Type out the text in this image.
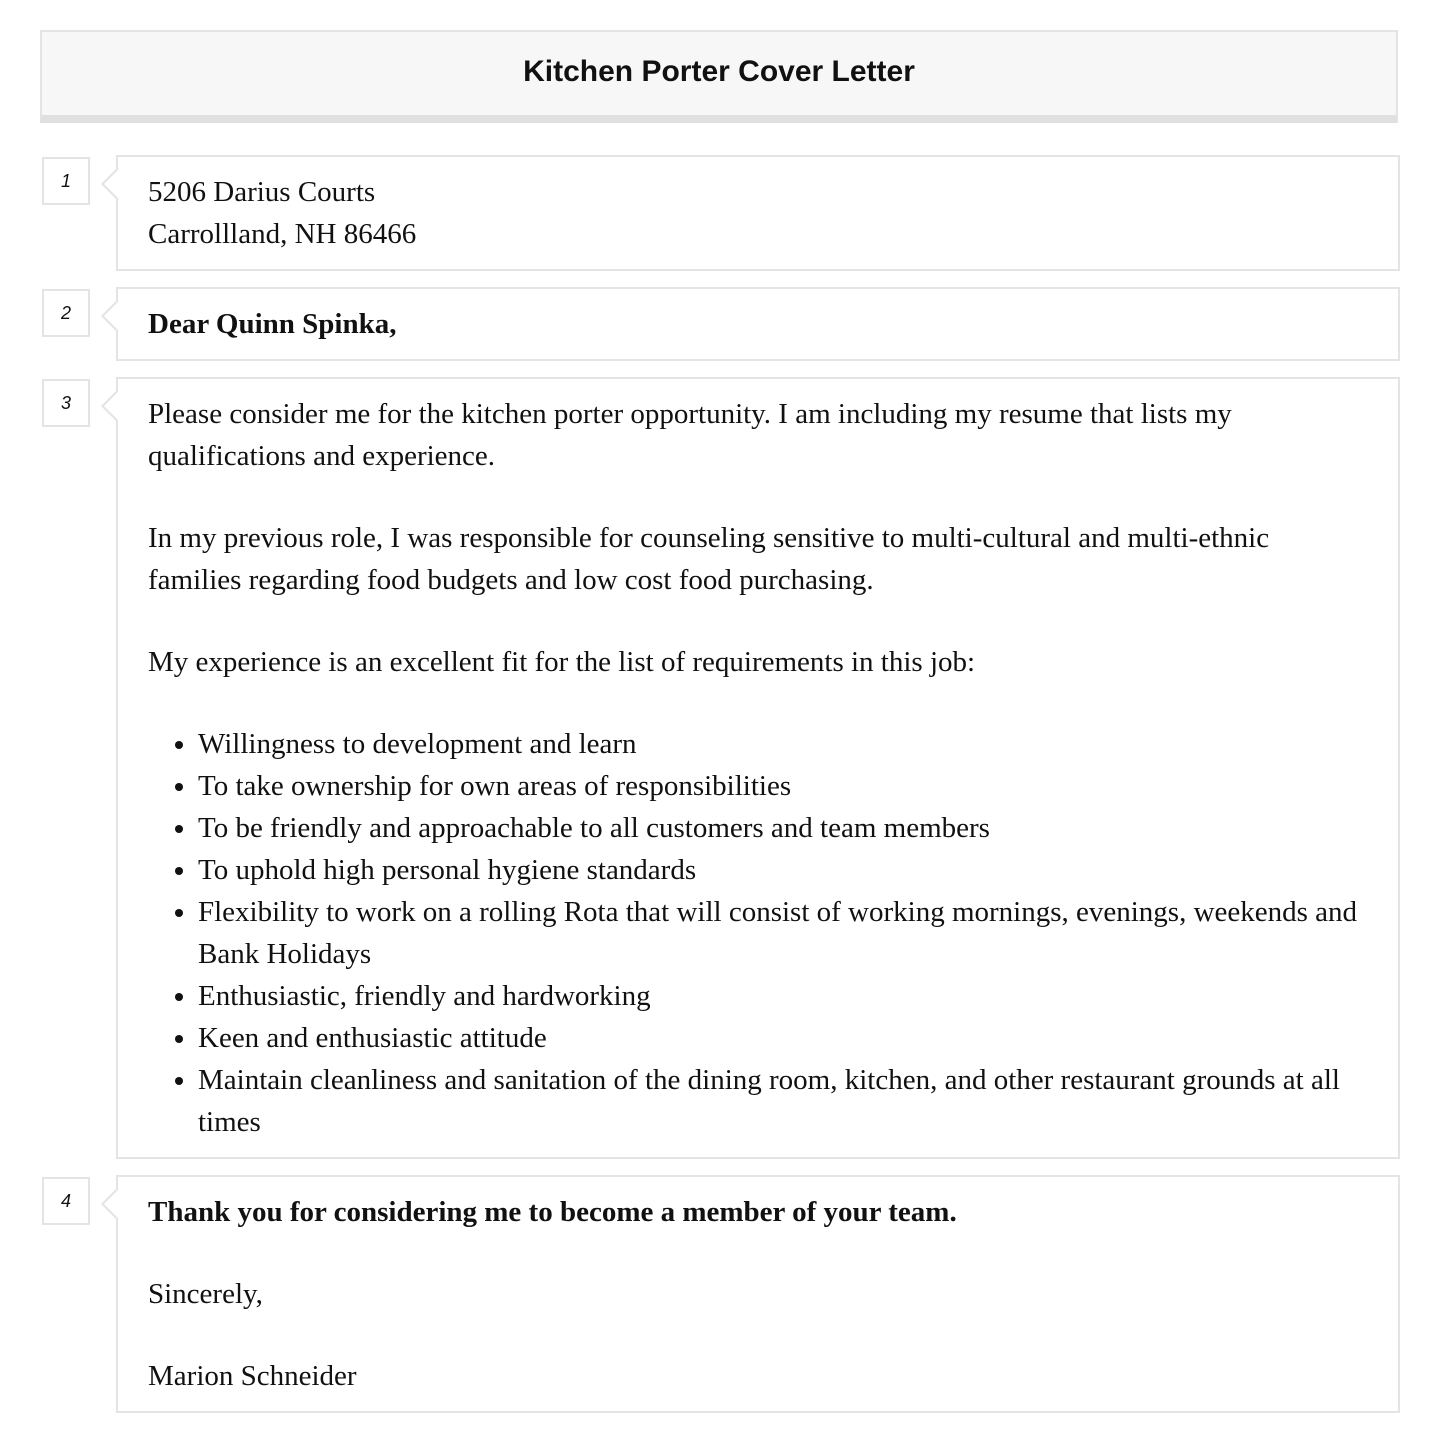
Kitchen Porter Cover Letter
1	5206 Darius Courts
Carrollland, NH 86466
2	Dear Quinn Spinka,
3	Please consider me for the kitchen porter opportunity. I am including my resume that lists my qualifications and experience.

In my previous role, I was responsible for counseling sensitive to multi-cultural and multi-ethnic families regarding food budgets and low cost food purchasing.

My experience is an excellent fit for the list of requirements in this job:

• Willingness to development and learn
• To take ownership for own areas of responsibilities
• To be friendly and approachable to all customers and team members
• To uphold high personal hygiene standards
• Flexibility to work on a rolling Rota that will consist of working mornings, evenings, weekends and Bank Holidays
• Enthusiastic, friendly and hardworking
• Keen and enthusiastic attitude
• Maintain cleanliness and sanitation of the dining room, kitchen, and other restaurant grounds at all times
4	Thank you for considering me to become a member of your team.

Sincerely,

Marion Schneider
